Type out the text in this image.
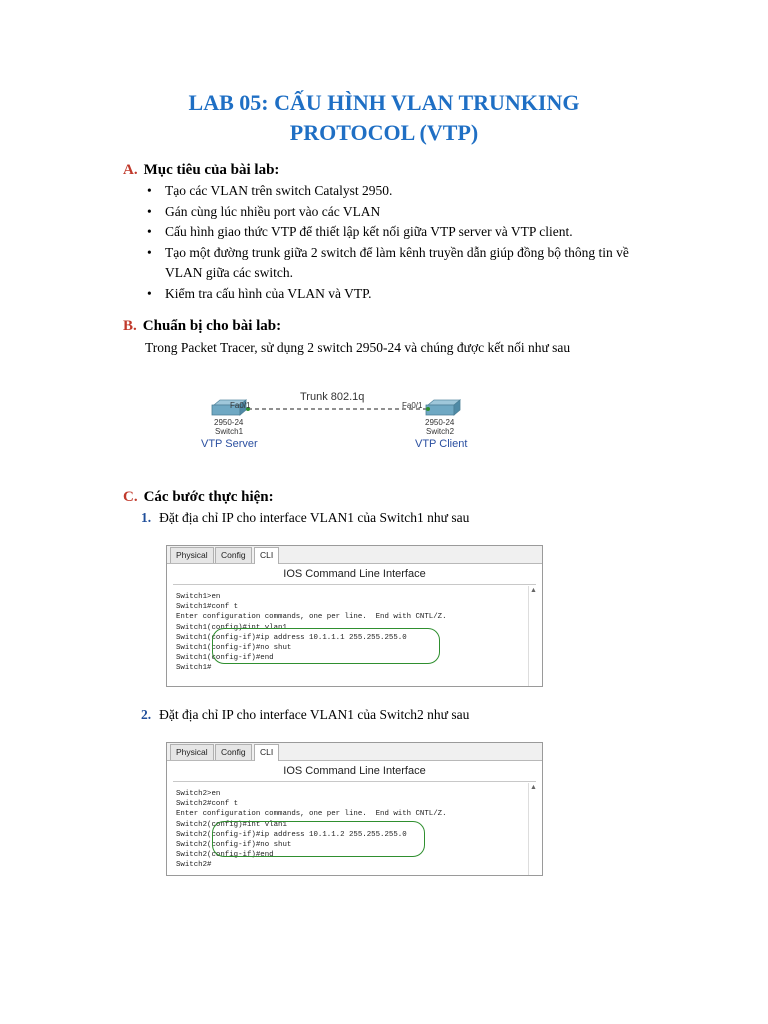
LAB 05: CẤU HÌNH VLAN TRUNKING
PROTOCOL (VTP)
A. Mục tiêu của bài lab:
• Tạo các VLAN trên switch Catalyst 2950.
• Gán cùng lúc nhiều port vào các VLAN
• Cấu hình giao thức VTP để thiết lập kết nối giữa VTP server và VTP client.
• Tạo một đường trunk giữa 2 switch để làm kênh truyền dẫn giúp đồng bộ thông tin về VLAN giữa các switch.
• Kiểm tra cấu hình của VLAN và VTP.
B. Chuẩn bị cho bài lab:
Trong Packet Tracer, sử dụng 2 switch 2950-24 và chúng được kết nối như sau
Trunk 802.1q
Fa0/1	Fa0/1
2950-24
Switch1
VTP Server
2950-24
Switch2
VTP Client
C. Các bước thực hiện:
1. Đặt địa chỉ IP cho interface VLAN1 của Switch1 như sau
Physical	Config	CLI
IOS Command Line Interface
Switch1>en
Switch1#conf t
Enter configuration commands, one per line.  End with CNTL/Z.
Switch1(config)#int vlan1
Switch1(config-if)#ip address 10.1.1.1 255.255.255.0
Switch1(config-if)#no shut
Switch1(config-if)#end
Switch1#
▲
2. Đặt địa chỉ IP cho interface VLAN1 của Switch2 như sau
Physical	Config	CLI
IOS Command Line Interface
Switch2>en
Switch2#conf t
Enter configuration commands, one per line.  End with CNTL/Z.
Switch2(config)#int vlan1
Switch2(config-if)#ip address 10.1.1.2 255.255.255.0
Switch2(config-if)#no shut
Switch2(config-if)#end
Switch2#
▲
